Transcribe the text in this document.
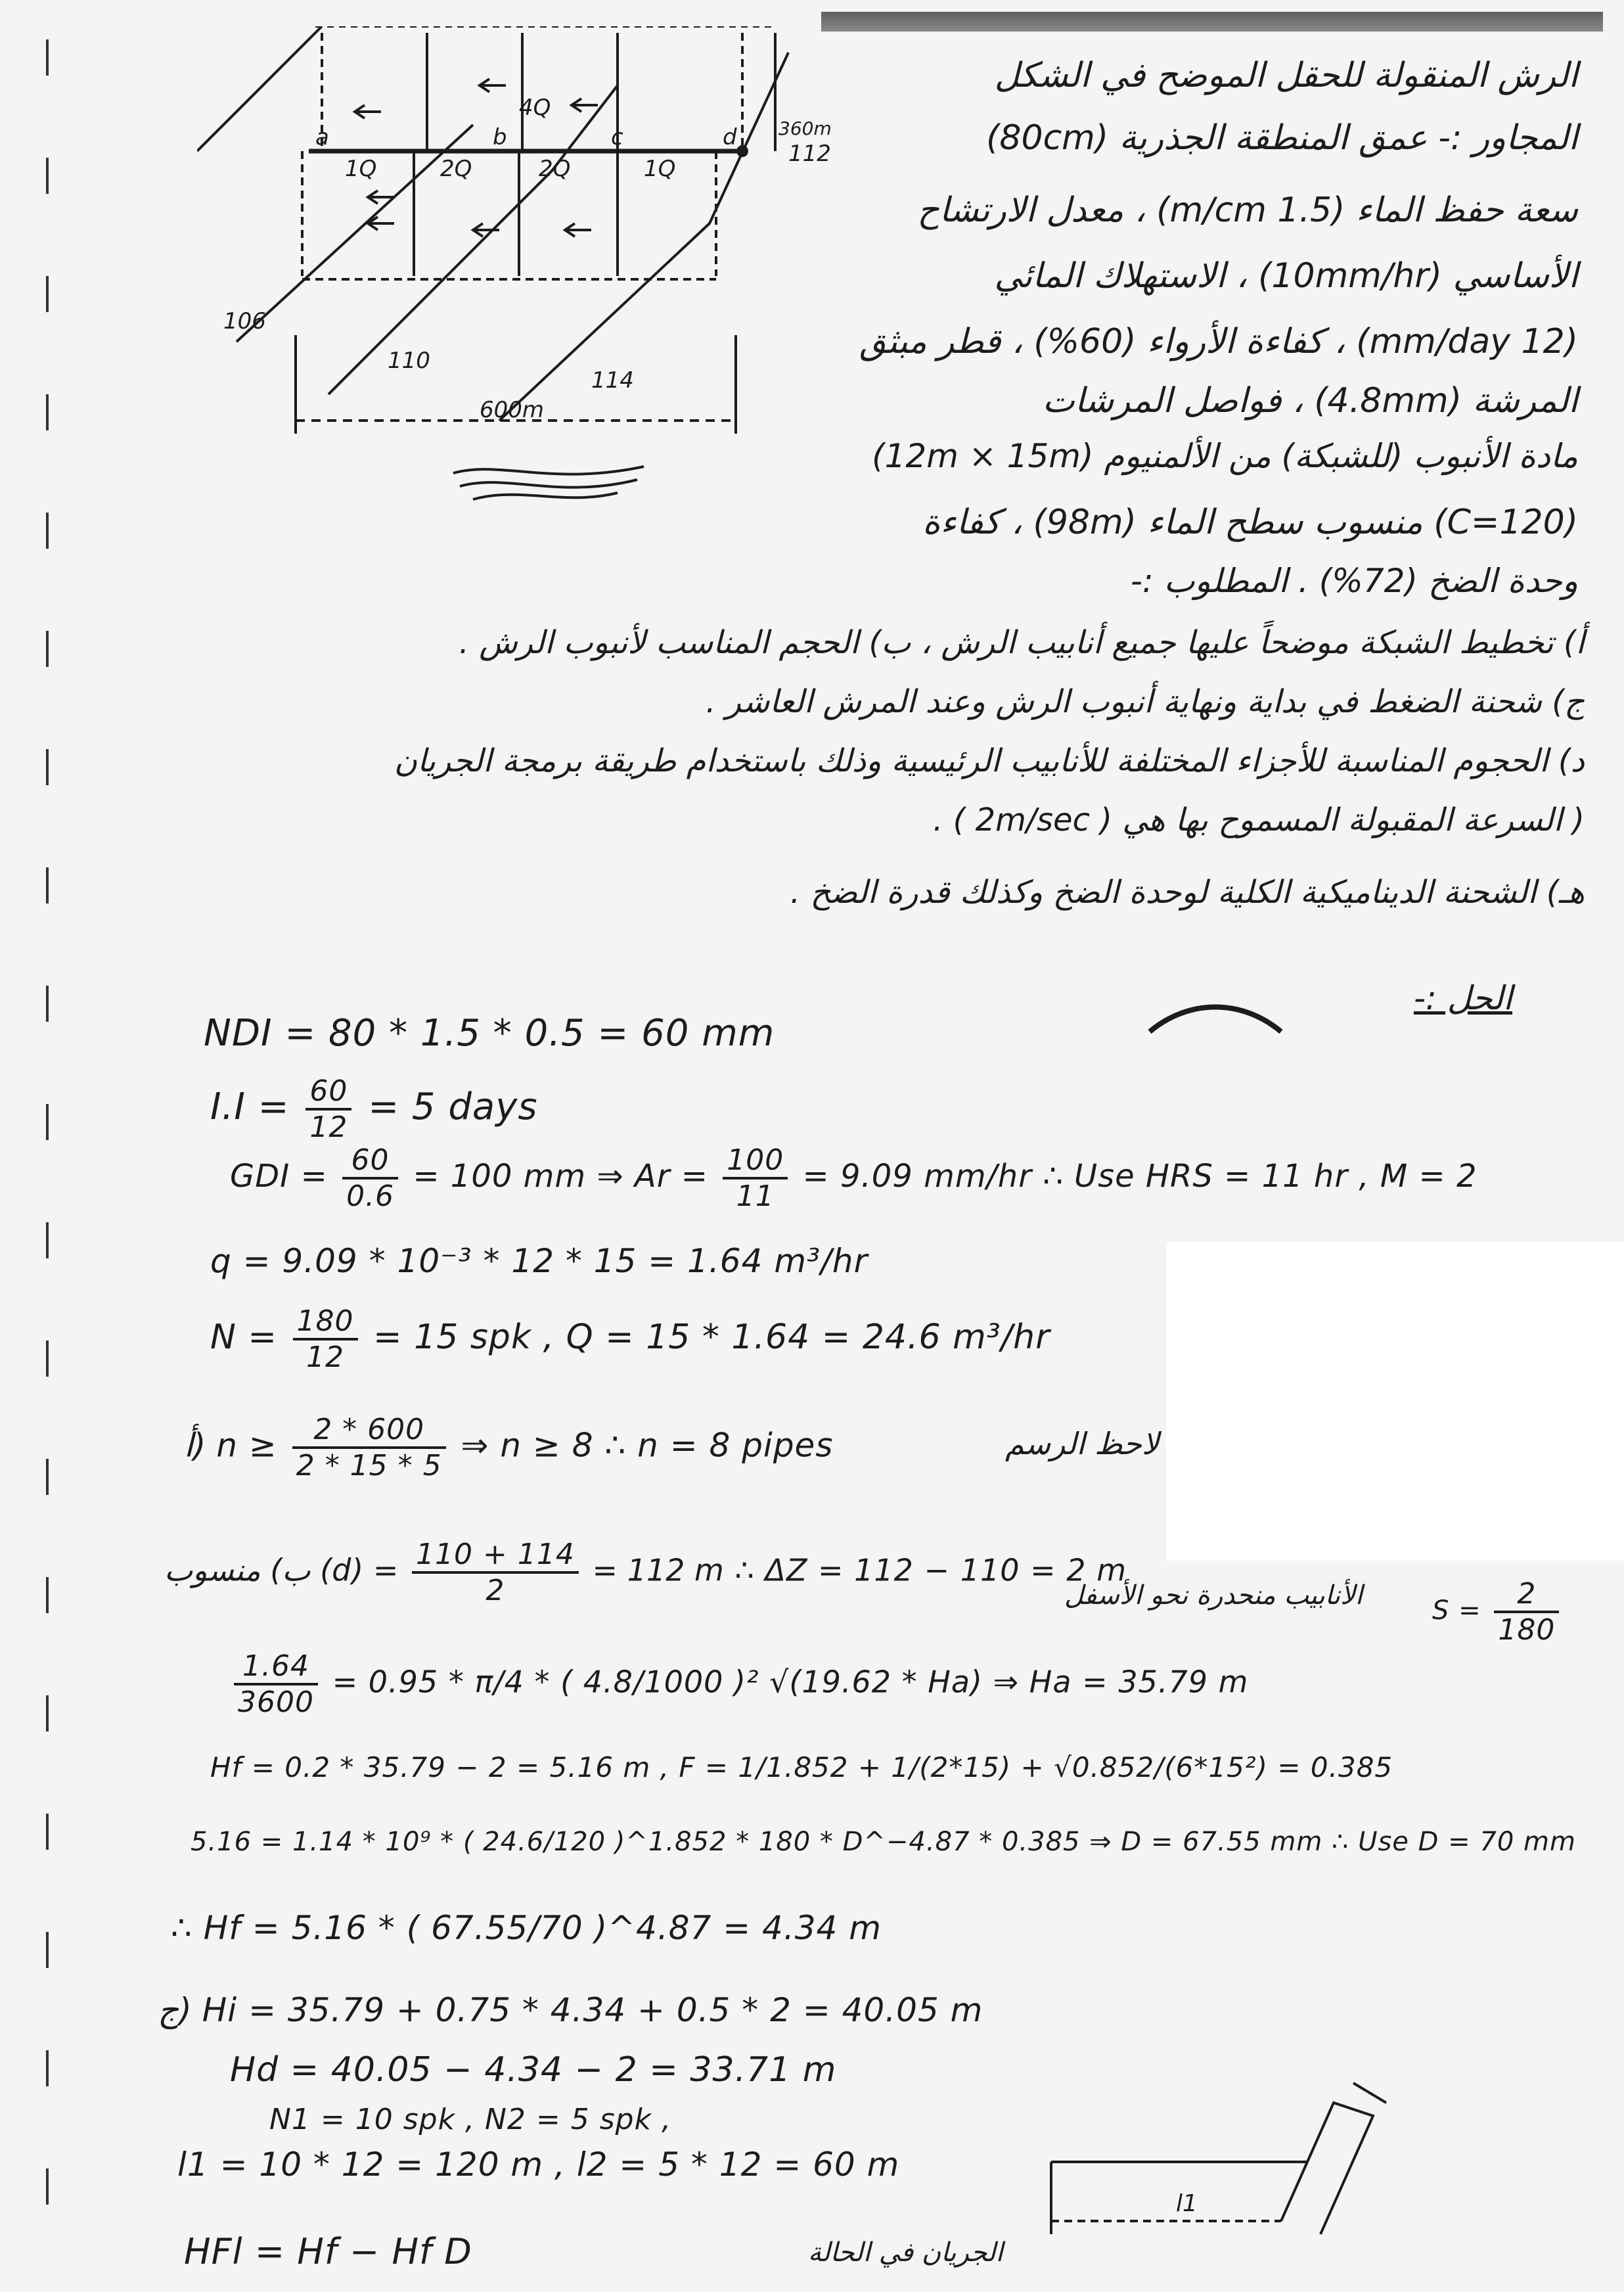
1Q	2Q	2Q	1Q
4Q
a	b	c	d
106
110
114
112
600m
360m
الرش المنقولة للحقل الموضح في الشكل
المجاور :- عمق المنطقة الجذرية (80cm)
سعة حفظ الماء (1.5 m/cm) ، معدل الارتشاح
الأساسي (10mm/hr) ، الاستهلاك المائي
(12 mm/day) ، كفاءة الأرواء (60%) ، قطر مبثق
المرشة (4.8mm) ، فواصل المرشات
مادة الأنبوب (للشبكة) من الألمنيوم (12m × 15m)
(C=120) منسوب سطح الماء (98m) ، كفاءة
وحدة الضخ (72%) . المطلوب :-
أ) تخطيط الشبكة موضحاً عليها جميع أنابيب الرش ، ب) الحجم المناسب لأنبوب الرش .
ج) شحنة الضغط في بداية ونهاية أنبوب الرش وعند المرش العاشر .
د) الحجوم المناسبة للأجزاء المختلفة للأنابيب الرئيسية وذلك باستخدام طريقة برمجة الجريان
( السرعة المقبولة المسموح بها هي ( 2m/sec ) .
هـ) الشحنة الديناميكية الكلية لوحدة الضخ وكذلك قدرة الضخ .
الحل :-
NDI = 80 * 1.5 * 0.5 = 60 mm
$I.I = \frac{60}{12} = 5$ days
GDI = $\frac{60}{0.6} = 100$ mm ⇒ $Ar = \frac{100}{11} = 9.09$ mm/hr ∴ Use HRS = 11 hr , M = 2
q = 9.09 * 10⁻³ * 12 * 15 = 1.64 m³/hr
$N = \frac{180}{12} = 15$ spk , Q = 15 * 1.64 = 24.6 m³/hr
أ) $n \ge \frac{2 * 600}{2 * 15 * 5}$ ⇒ n ≥ 8 ∴ n = 8 pipes	لاحظ الرسم
ب) منسوب $(d) = \frac{110 + 114}{2} = 112$ m ∴ ΔZ = 112 − 110 = 2 m
الأنابيب منحدرة نحو الأسفل	$S = \frac{2}{180}$
$\frac{1.64}{3600} = 0.95 * \pi/4$ * ( 4.8/1000 )² √(19.62 * Ha) ⇒ Ha = 35.79 m
Hf = 0.2 * 35.79 − 2 = 5.16 m , F = 1/1.852 + 1/(2*15) + √0.852/(6*15²) = 0.385
5.16 = 1.14 * 10⁹ * ( 24.6/120 )^1.852 * 180 * D^−4.87 * 0.385 ⇒ D = 67.55 mm ∴ Use D = 70 mm
∴ Hf = 5.16 * ( 67.55/70 )^4.87 = 4.34 m
ج) Hi = 35.79 + 0.75 * 4.34 + 0.5 * 2 = 40.05 m
Hd = 40.05 − 4.34 − 2 = 33.71 m
N1 = 10 spk , N2 = 5 spk ,
l1 = 10 * 12 = 120 m , l2 = 5 * 12 = 60 m
HFl = Hf − Hf D	الجريان في الحالة
l1
